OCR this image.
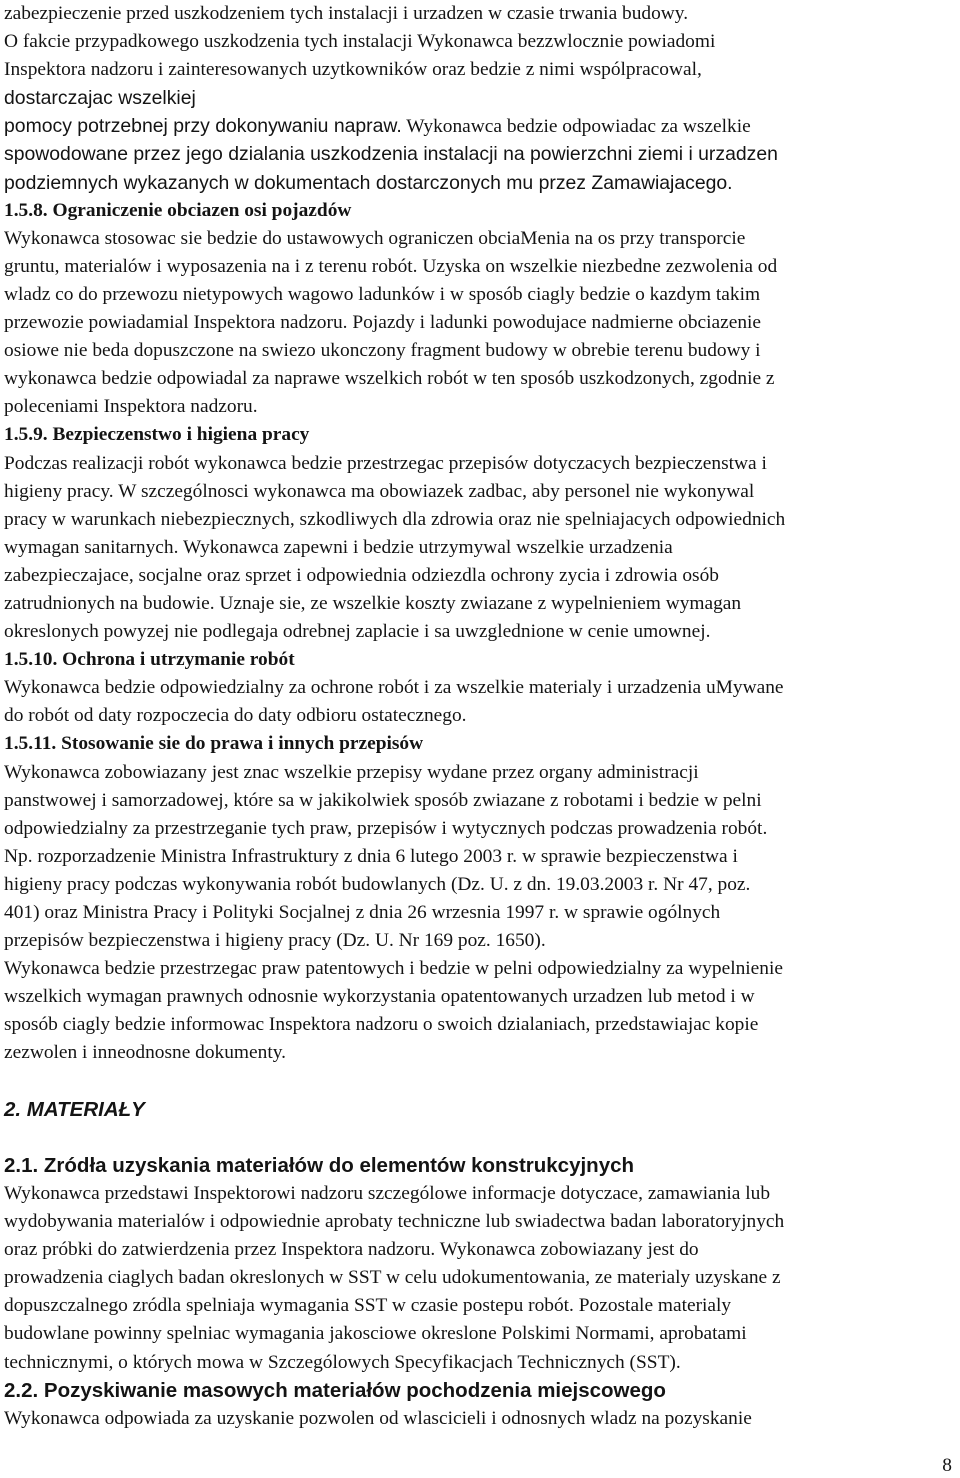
zabezpieczenie przed uszkodzeniem tych instalacji i urzadzen w czasie trwania budowy.
O fakcie przypadkowego uszkodzenia tych instalacji Wykonawca bezzwlocznie powiadomi
Inspektora nadzoru i zainteresowanych uzytkowników oraz bedzie z nimi wspólpracowal,
dostarczajac wszelkiej
pomocy potrzebnej przy dokonywaniu napraw. Wykonawca bedzie odpowiadac za wszelkie
spowodowane przez jego dzialania uszkodzenia instalacji na powierzchni ziemi i urzadzen
podziemnych wykazanych w dokumentach dostarczonych mu przez Zamawiajacego.
1.5.8. Ograniczenie obciazen osi pojazdów
Wykonawca stosowac sie bedzie do ustawowych ograniczen obciaMenia na os przy transporcie
gruntu, materialów i wyposazenia na i z terenu robót. Uzyska on wszelkie niezbedne zezwolenia od
wladz co do przewozu nietypowych wagowo ladunków i w sposób ciagly bedzie o kazdym takim
przewozie powiadamial Inspektora nadzoru. Pojazdy i ladunki powodujace nadmierne obciazenie
osiowe nie beda dopuszczone na swiezo ukonczony fragment budowy w obrebie terenu budowy i
wykonawca bedzie odpowiadal za naprawe wszelkich robót w ten sposób uszkodzonych, zgodnie z
poleceniami Inspektora nadzoru.
1.5.9. Bezpieczenstwo i higiena pracy
Podczas realizacji robót wykonawca bedzie przestrzegac przepisów dotyczacych bezpieczenstwa i
higieny pracy. W szczególnosci wykonawca ma obowiazek zadbac, aby personel nie wykonywal
pracy w warunkach niebezpiecznych, szkodliwych dla zdrowia oraz nie spelniajacych odpowiednich
wymagan sanitarnych. Wykonawca zapewni i bedzie utrzymywal wszelkie urzadzenia
zabezpieczajace, socjalne oraz sprzet i odpowiednia odziezdla ochrony zycia i zdrowia osób
zatrudnionych na budowie. Uznaje sie, ze wszelkie koszty zwiazane z wypelnieniem wymagan
okreslonych powyzej nie podlegaja odrebnej zaplacie i sa uwzglednione w cenie umownej.
1.5.10. Ochrona i utrzymanie robót
Wykonawca bedzie odpowiedzialny za ochrone robót i za wszelkie materialy i urzadzenia uMywane
do robót od daty rozpoczecia do daty odbioru ostatecznego.
1.5.11. Stosowanie sie do prawa i innych przepisów
Wykonawca zobowiazany jest znac wszelkie przepisy wydane przez organy administracji
panstwowej i samorzadowej, które sa w jakikolwiek sposób zwiazane z robotami i bedzie w pelni
odpowiedzialny za przestrzeganie tych praw, przepisów i wytycznych podczas prowadzenia robót.
Np. rozporzadzenie Ministra Infrastruktury z dnia 6 lutego 2003 r. w sprawie bezpieczenstwa i
higieny pracy podczas wykonywania robót budowlanych (Dz. U. z dn. 19.03.2003 r. Nr 47, poz.
401) oraz Ministra Pracy i Polityki Socjalnej z dnia 26 wrzesnia 1997 r. w sprawie ogólnych
przepisów bezpieczenstwa i higieny pracy (Dz. U. Nr 169 poz. 1650).
Wykonawca bedzie przestrzegac praw patentowych i bedzie w pelni odpowiedzialny za wypelnienie
wszelkich wymagan prawnych odnosnie wykorzystania opatentowanych urzadzen lub metod i w
sposób ciagly bedzie informowac Inspektora nadzoru o swoich dzialaniach, przedstawiajac kopie
zezwolen i inneodnosne dokumenty.
2. MATERIAŁY
2.1. Zródła uzyskania materiałów do elementów konstrukcyjnych
Wykonawca przedstawi Inspektorowi nadzoru szczególowe informacje dotyczace, zamawiania lub
wydobywania materialów i odpowiednie aprobaty techniczne lub swiadectwa badan laboratoryjnych
oraz próbki do zatwierdzenia przez Inspektora nadzoru. Wykonawca zobowiazany jest do
prowadzenia ciaglych badan okreslonych w SST w celu udokumentowania, ze materialy uzyskane z
dopuszczalnego zródla spelniaja wymagania SST w czasie postepu robót. Pozostale materialy
budowlane powinny spelniac wymagania jakosciowe okreslone Polskimi Normami, aprobatami
technicznymi, o których mowa w Szczególowych Specyfikacjach Technicznych (SST).
2.2. Pozyskiwanie masowych materiałów pochodzenia miejscowego
Wykonawca odpowiada za uzyskanie pozwolen od wlascicieli i odnosnych wladz na pozyskanie
8
